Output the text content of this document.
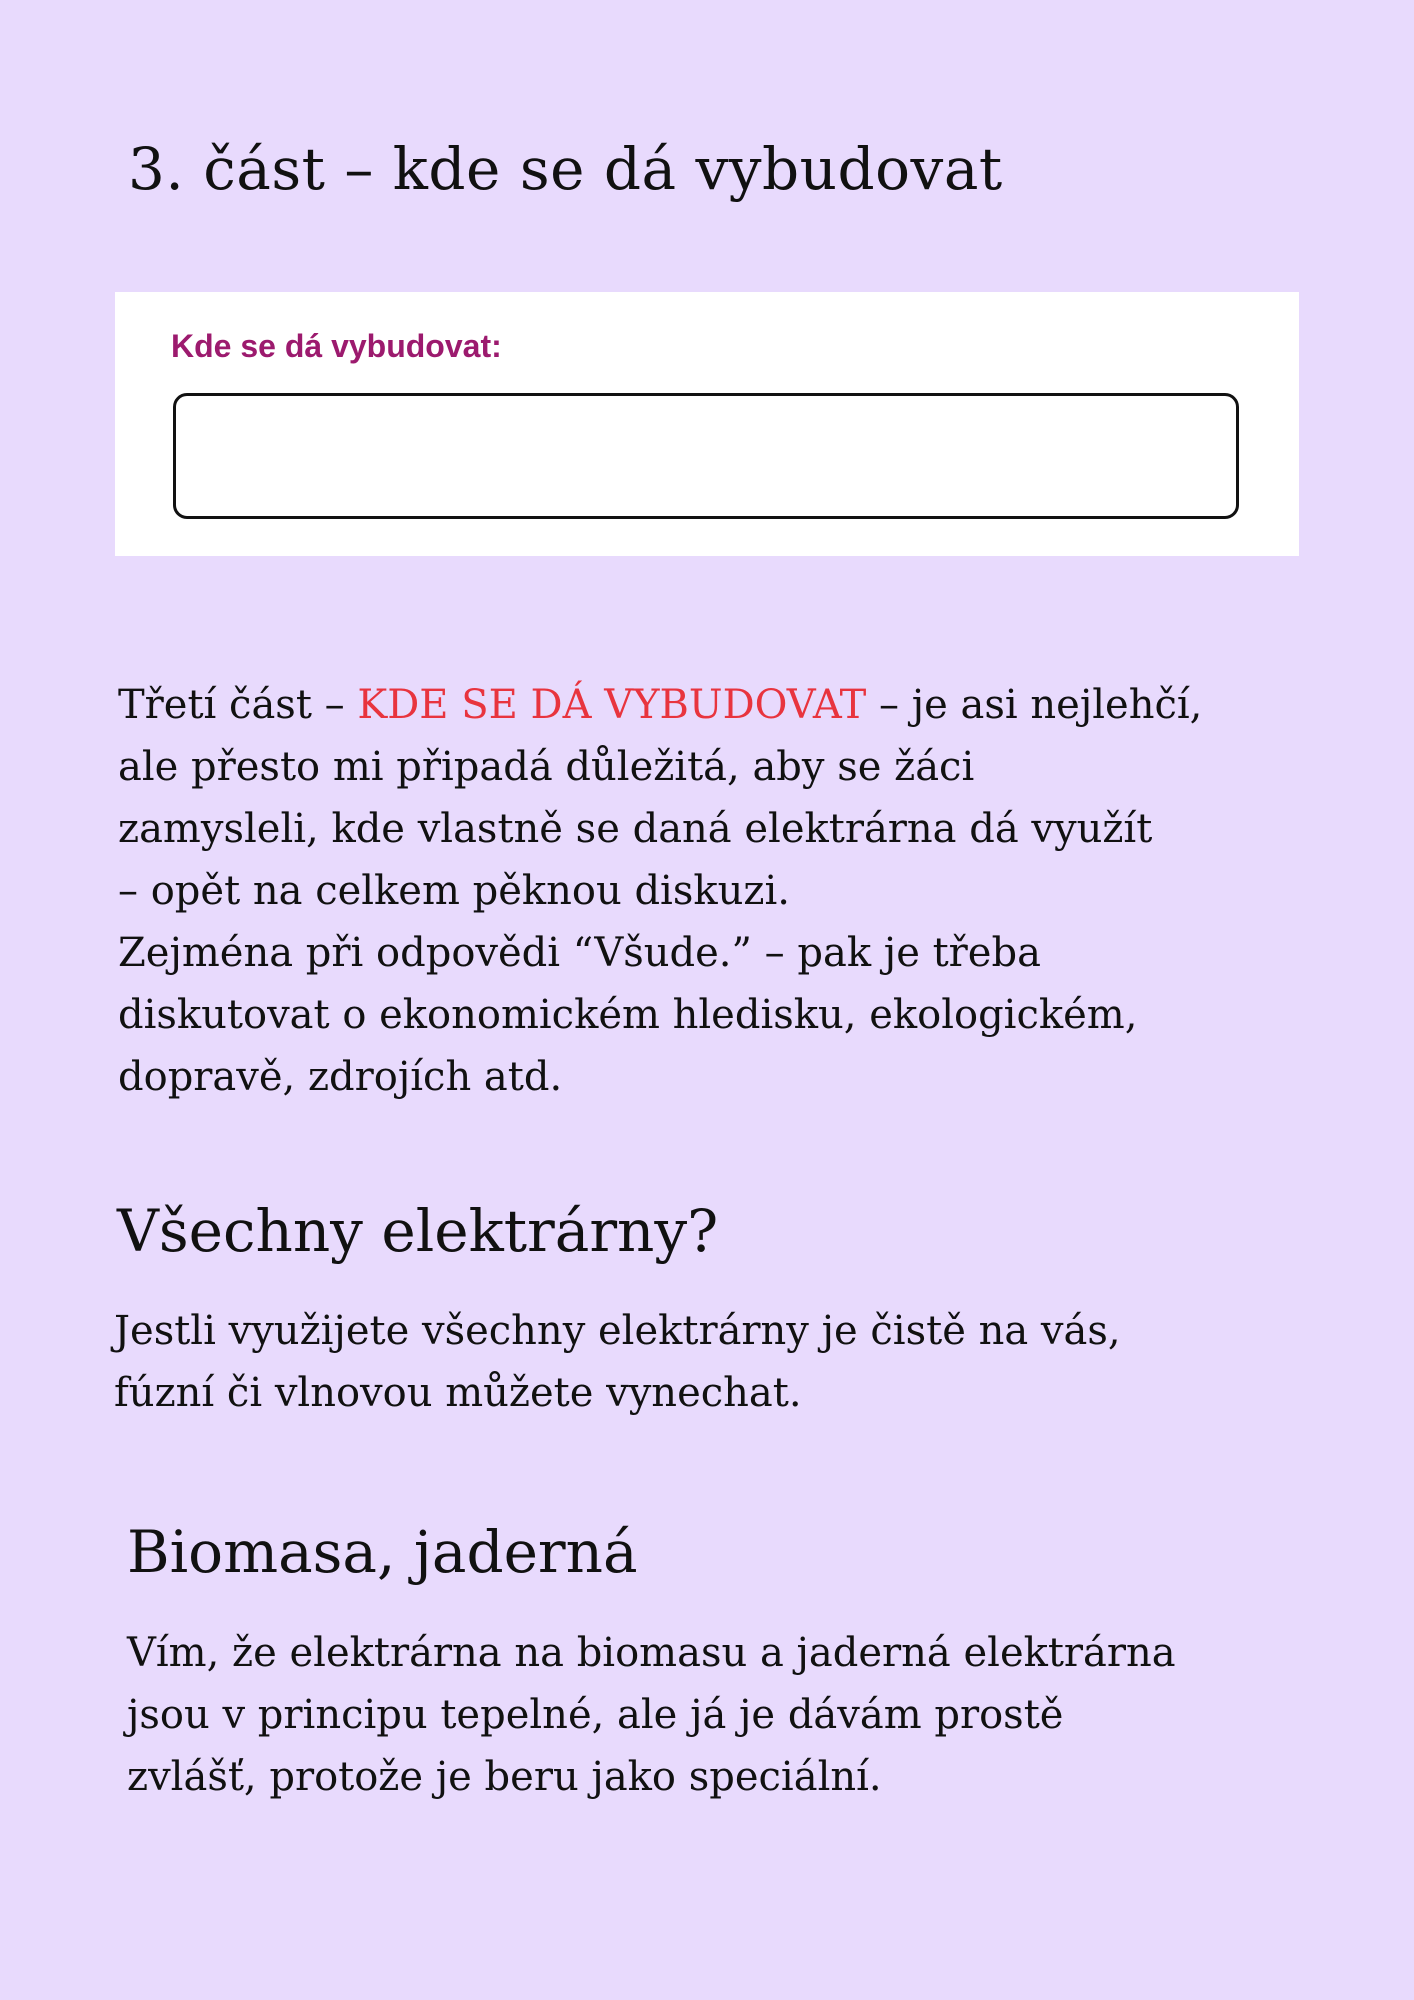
3. část – kde se dá vybudovat
Kde se dá vybudovat:

Třetí část – KDE SE DÁ VYBUDOVAT – je asi nejlehčí,
ale přesto mi připadá důležitá, aby se žáci
zamysleli, kde vlastně se daná elektrárna dá využít
– opět na celkem pěknou diskuzi.
Zejména při odpovědi “Všude.” – pak je třeba
diskutovat o ekonomickém hledisku, ekologickém,
dopravě, zdrojích atd.

Všechny elektrárny?

Jestli využijete všechny elektrárny je čistě na vás,
fúzní či vlnovou můžete vynechat.

Biomasa, jaderná

Vím, že elektrárna na biomasu a jaderná elektrárna
jsou v principu tepelné, ale já je dávám prostě
zvlášť, protože je beru jako speciální.
